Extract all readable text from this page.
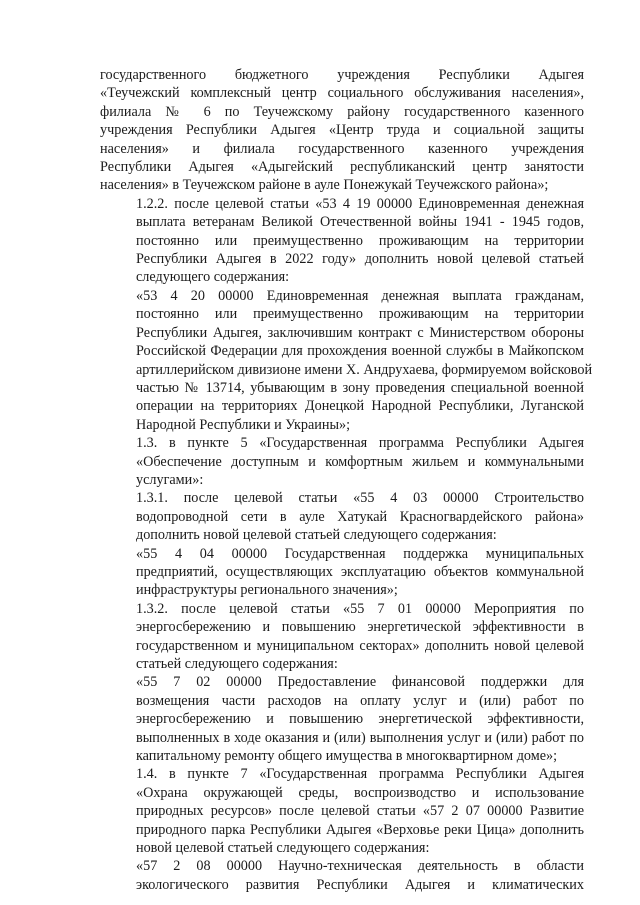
государственного бюджетного учреждения Республики Адыгея
«Теучежский комплексный центр социального обслуживания населения»,
филиала № 6 по Теучежскому району государственного казенного
учреждения Республики Адыгея «Центр труда и социальной защиты
населения» и филиала государственного казенного учреждения
Республики Адыгея «Адыгейский республиканский центр занятости
населения» в Теучежском районе в ауле Понежукай Теучежского района»;

1.2.2. после целевой статьи «53 4 19 00000 Единовременная денежная
выплата ветеранам Великой Отечественной войны 1941 - 1945 годов,
постоянно или преимущественно проживающим на территории
Республики Адыгея в 2022 году» дополнить новой целевой статьей
следующего содержания:

«53 4 20 00000 Единовременная денежная выплата гражданам,
постоянно или преимущественно проживающим на территории
Республики Адыгея, заключившим контракт с Министерством обороны
Российской Федерации для прохождения военной службы в Майкопском
артиллерийском дивизионе имени Х. Андрухаева, формируемом войсковой
частью № 13714, убывающим в зону проведения специальной военной
операции на территориях Донецкой Народной Республики, Луганской
Народной Республики и Украины»;

1.3. в пункте 5 «Государственная программа Республики Адыгея
«Обеспечение доступным и комфортным жильем и коммунальными
услугами»:

1.3.1. после целевой статьи «55 4 03 00000 Строительство
водопроводной сети в ауле Хатукай Красногвардейского района»
дополнить новой целевой статьей следующего содержания:

«55 4 04 00000 Государственная поддержка муниципальных
предприятий, осуществляющих эксплуатацию объектов коммунальной
инфраструктуры регионального значения»;

1.3.2. после целевой статьи «55 7 01 00000 Мероприятия по
энергосбережению и повышению энергетической эффективности в
государственном и муниципальном секторах» дополнить новой целевой
статьей следующего содержания:

«55 7 02 00000 Предоставление финансовой поддержки для
возмещения части расходов на оплату услуг и (или) работ по
энергосбережению и повышению энергетической эффективности,
выполненных в ходе оказания и (или) выполнения услуг и (или) работ по
капитальному ремонту общего имущества в многоквартирном доме»;

1.4. в пункте 7 «Государственная программа Республики Адыгея
«Охрана окружающей среды, воспроизводство и использование
природных ресурсов» после целевой статьи «57 2 07 00000 Развитие
природного парка Республики Адыгея «Верховье реки Цица» дополнить
новой целевой статьей следующего содержания:

«57 2 08 00000 Научно-техническая деятельность в области
экологического развития Республики Адыгея и климатических
